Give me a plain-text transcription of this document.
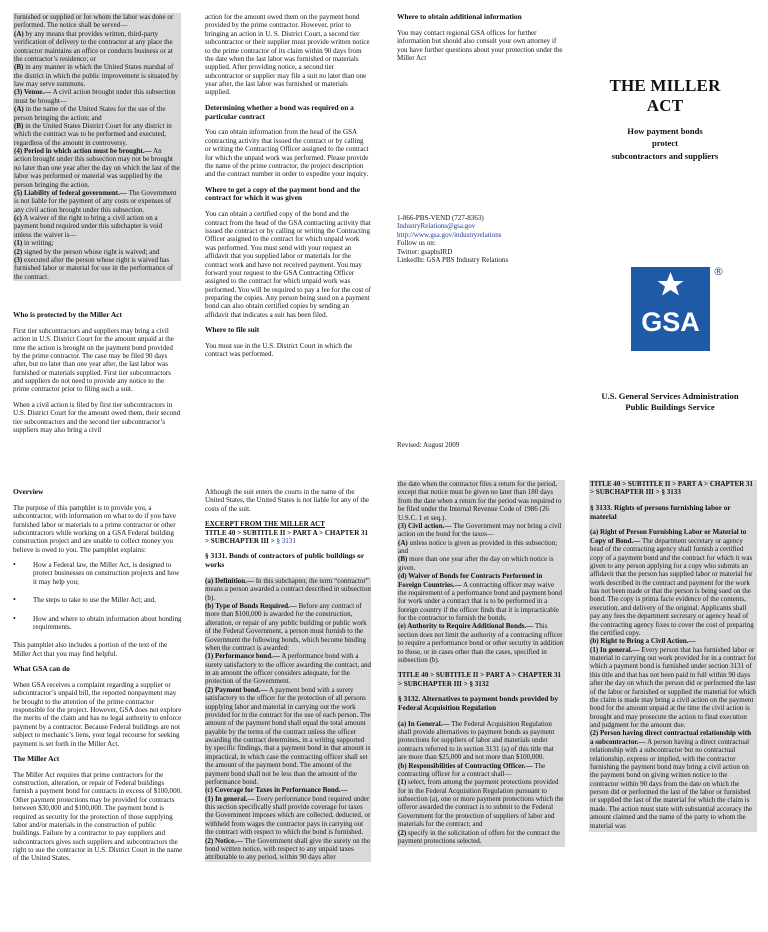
furnished or supplied or for whom the labor was done or performed. The notice shall be served—

(A) by any means that provides written, third-party verification of delivery to the contractor at any place the contractor maintains an office or conducts business or at the contractor’s residence; or

(B) in any manner in which the United States marshal of the district in which the public improvement is situated by law may serve summons.

(3) Venue.— A civil action brought under this subsection must be brought—

(A) in the name of the United States for the use of the person bringing the action; and

(B) in the United States District Court for any district in which the contract was to be performed and executed, regardless of the amount in controversy.

(4) Period in which action must be brought.— An action brought under this subsection may not be brought no later than one year after the day on which the last of the labor was performed or material was supplied by the person bringing the action.

(5) Liability of federal government.— The Government is not liable for the payment of any costs or expenses of any civil action brought under this subsection.

(c) A waiver of the right to bring a civil action on a payment bond required under this subchapter is void unless the waiver is—

(1) in writing;

(2) signed by the person whose right is waived; and

(3) executed after the person whose right is waived has furnished labor or material for use in the performance of the contract.

Who is protected by the Miller Act

First tier subcontractors and suppliers may bring a civil action in U.S. District Court for the amount unpaid at the time the action is brought on the payment bond provided by the prime contractor. The case may be filed 90 days after, but no later than one year after, the last labor was furnished or materials supplied. First tier subcontractors and suppliers do not need to provide any notice to the prime contractor prior to filing such a suit.

When a civil action is filed by first tier subcontractors in U.S. District Court for the amount owed them, their second tier subcontractors and the second tier subcontractor’s suppliers may also bring a civil

action for the amount owed them on the payment bond provided by the prime contractor. However, prior to bringing an action in U. S. District Court, a second tier subcontractor or their supplier must provide written notice to the prime contractor of its claim within 90 days from the date when the last labor was furnished or materials supplied. After providing notice, a second tier subcontractor or supplier may file a suit no later than one year after, the last labor was furnished or materials supplied.

Determining whether a bond was required on a particular contract

You can obtain information from the head of the GSA contracting activity that issued the contract or by calling or writing the Contracting Officer assigned to the contract for which the unpaid work was performed. Please provide the name of the prime contractor, the project description and the contract number in order to expedite your inquiry.

Where to get a copy of the payment bond and the contract for which it was given

You can obtain a certified copy of the bond and the contract from the head of the GSA contracting activity that issued the contract or by calling or writing the Contracting Officer assigned to the contract for which unpaid work was performed. You must send with your request an affidavit that you supplied labor or materials for the contract work and have not received payment. You may forward your request to the GSA Contracting Officer assigned to the contract for which unpaid work was performed. You will be required to pay a fee for the cost of preparing the copies. Any person being sued on a payment bond can also obtain certified copies by sending an affidavit that indicates a suit has been filed.

Where to file suit

You must sue in the U.S. District Court in which the contract was performed.

Where to obtain additional information

You may contact regional GSA offices for further information but should also consult your own attorney if you have further questions about your protection under the Miller Act

1-866-PBS-VEND (727-8363)
IndustryRelations@gsa.gov
http://www.gsa.gov/industryrelations
Follow us on:
Twitter: gsapbsIRD
LinkedIn: GSA PBS Industry Relations
Revised: August 2009
THE MILLER ACT
How payment bonds
protect
subcontractors and suppliers
GSA
®
U.S. General Services Administration
Public Buildings Service

Overview

The purpose of this pamphlet is to provide you, a subcontractor, with information on what to do if you have furnished labor or materials to a prime contractor or other subcontractors while working on a GSA Federal building construction project and are unable to collect money you believe is owed to you. The pamphlet explains:

•	How a Federal law, the Miller Act, is designed to protect businesses on construction projects and how it may help you;
•	The steps to take to use the Miller Act; and,
•	How and where to obtain information about bonding requirements.

This pamphlet also includes a portion of the text of the Miller Act that you may find helpful.

What GSA can do

When GSA receives a complaint regarding a supplier or subcontractor’s unpaid bill, the reported nonpayment may be brought to the attention of the prime contractor responsible for the project. However, GSA does not explore the merits of the claim and has no legal authority to enforce payment by a contractor. Because Federal buildings are not subject to mechanic’s liens, your legal recourse for seeking payment is set forth in the Miller Act.

The Miller Act

The Miller Act requires that prime contractors for the construction, alteration, or repair of Federal buildings furnish a payment bond for contracts in excess of $100,000. Other payment protections may be provided for contracts between $30,000 and $100,000. The payment bond is required as security for the protection of those supplying labor and/or materials in the construction of public buildings. Failure by a contractor to pay suppliers and subcontractors gives such suppliers and subcontractors the right to sue the contractor in U.S. District Court in the name of the United States.

Although the suit enters the courts in the name of the United States, the United States is not liable for any of the costs of the suit.

EXCERPT FROM THE MILLER ACT

TITLE 40 > SUBTITLE II > PART A > CHAPTER 31 > SUBCHAPTER III > § 3131

§ 3131. Bonds of contractors of public buildings or works

(a) Definition.— In this subchapter, the term “contractor” means a person awarded a contract described in subsection (b).

(b) Type of Bonds Required.— Before any contract of more than $100,000 is awarded for the construction, alteration, or repair of any public building or public work of the Federal Government, a person must furnish to the Government the following bonds, which become binding when the contract is awarded:

(1) Performance bond.— A performance bond with a surety satisfactory to the officer awarding the contract, and in an amount the officer considers adequate, for the protection of the Government.

(2) Payment bond.— A payment bond with a surety satisfactory to the officer for the protection of all persons supplying labor and material in carrying out the work provided for in the contract for the use of each person. The amount of the payment bond shall equal the total amount payable by the terms of the contract unless the officer awarding the contract determines, in a writing supported by specific findings, that a payment bond in that amount is impractical, in which case the contracting officer shall set the amount of the payment bond. The amount of the payment bond shall not be less than the amount of the performance bond.

(c) Coverage for Taxes in Performance Bond.—

(1) In general.— Every performance bond required under this section specifically shall provide coverage for taxes the Government imposes which are collected, deducted, or withheld from wages the contractor pays in carrying out the contract with respect to which the bond is furnished.

(2) Notice.— The Government shall give the surety on the bond written notice, with respect to any unpaid taxes attributable to any period, within 90 days after

the date when the contractor files a return for the period, except that notice must be given no later than 180 days from the date when a return for the period was required to be filed under the Internal Revenue Code of 1986 (26 U.S.C. 1 et seq.).

(3) Civil action.— The Government may not bring a civil action on the bond for the taxes—

(A) unless notice is given as provided in this subsection; and

(B) more than one year after the day on which notice is given.

(d) Waiver of Bonds for Contracts Performed in Foreign Countries.— A contracting officer may waive the requirement of a performance bond and payment bond for work under a contract that is to be performed in a foreign country if the officer finds that it is impracticable for the contractor to furnish the bonds.

(e) Authority to Require Additional Bonds.— This section does not limit the authority of a contracting officer to require a performance bond or other security in addition to those, or in cases other than the cases, specified in subsection (b).

TITLE 40 > SUBTITLE II > PART A > CHAPTER 31 > SUBCHAPTER III > § 3132

§ 3132. Alternatives to payment bonds provided by Federal Acquisition Regulation

(a) In General.— The Federal Acquisition Regulation shall provide alternatives to payment bonds as payment protections for suppliers of labor and materials under contracts referred to in section 3131 (a) of this title that are more than $25,000 and not more than $100,000.

(b) Responsibilities of Contracting Officer.— The contracting officer for a contract shall—

(1) select, from among the payment protections provided for in the Federal Acquisition Regulation pursuant to subsection (a), one or more payment protections which the offeror awarded the contract is to submit to the Federal Government for the protection of suppliers of labor and materials for the contract; and

(2) specify in the solicitation of offers for the contract the payment protections selected.

TITLE 40 > SUBTITLE II > PART A > CHAPTER 31 > SUBCHAPTER III > § 3133

§ 3133. Rights of persons furnishing labor or material

(a) Right of Person Furnishing Labor or Material to Copy of Bond.— The department secretary or agency head of the contracting agency shall furnish a certified copy of a payment bond and the contract for which it was given to any person applying for a copy who submits an affidavit that the person has supplied labor or material for work described in the contract and payment for the work has not been made or that the person is being sued on the bond. The copy is prima facie evidence of the contents, execution, and delivery of the original. Applicants shall pay any fees the department secretary or agency head of the contracting agency fixes to cover the cost of preparing the certified copy.

(b) Right to Bring a Civil Action.—

(1) In general.— Every person that has furnished labor or material in carrying out work provided for in a contract for which a payment bond is furnished under section 3131 of this title and that has not been paid in full within 90 days after the day on which the person did or performed the last of the labor or furnished or supplied the material for which the claim is made may bring a civil action on the payment bond for the amount unpaid at the time the civil action is brought and may prosecute the action to final execution and judgment for the amount due.

(2) Person having direct contractual relationship with a subcontractor.— A person having a direct contractual relationship with a subcontractor but no contractual relationship, express or implied, with the contractor furnishing the payment bond may bring a civil action on the payment bond on giving written notice to the contractor within 90 days from the date on which the person did or performed the last of the labor or furnished or supplied the last of the material for which the claim is made. The action must state with substantial accuracy the amount claimed and the name of the party to whom the material was
